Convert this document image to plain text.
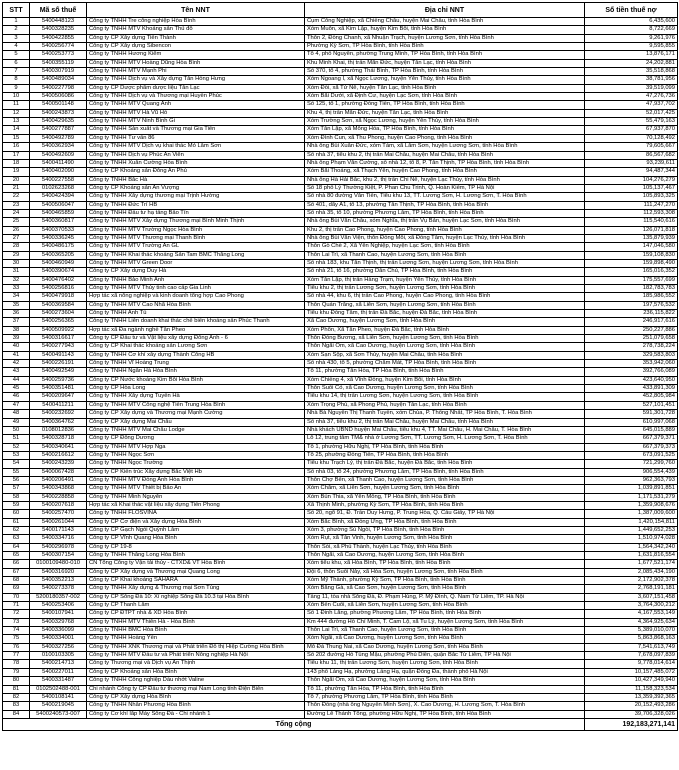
STT	Mã số thuế	Tên NNT	Địa chỉ NNT	Số tiền thuế nợ
1	5400448123	Công ty TNHH Tre công nghiệp Hòa Bình	Cụm Công Nghiệp, xã Chiềng Châu, huyện Mai Châu, tỉnh Hòa Bình	6,435,600
2	5400328235	Công ty TNHH MTV Khoáng sản Thủ đô	Xóm Muôn, xã Kim Lập, huyện Kim Bôi, tỉnh Hòa Bình	8,722,669
3	5400422855	Công ty CP Xây dựng Tiến Thành	Thôn 2, Đồng Chanh, xã Nhuận Trạch, huyện Lương Sơn, tỉnh Hòa Bình	9,261,976
4	5400256774	Công ty CP Xây dựng Sibencon	Phường Kỳ Sơn, TP Hòa Bình, tỉnh Hòa Bình	9,595,855
5	5400253773	Công ty TNHH Hương Kiểm	Tổ 4, phố Nguyễn, phường Trung Minh, TP Hòa Bình, tỉnh Hòa Bình	13,876,171
6	5400355119	Công ty TNHH MTV Hoàng Dũng Hòa Bình	Khu Minh Khai, thị trấn Mãn Đức, huyện Tân Lạc, tỉnh Hòa Bình	24,202,881
7	5400307919	Công ty TNHH MTV Mạnh Phi	Số 370, tổ 4, phường Thái Bình, TP Hòa Bình, tỉnh Hòa Bình	35,518,868
8	5400489034	Công ty TNHH Dịch vụ và Xây dựng Tân Hồng Hưng	Xóm Ngoang I, xã Ngọc Lương, huyện Yên Thủy, tỉnh Hòa Bình	38,781,956
9	5400227798	Công ty CP Dược phẩm dược liệu Tân Lạc	Xóm Đồi, xã Tử Nê, huyện Tân Lạc, tỉnh Hòa Bình	39,519,099
10	5400506086	Công ty TNHH Dịch vụ và Thương mại Huyền Phúc	Xóm Bãi Dưới, xã Định Cư, huyện Lạc Sơn, tỉnh Hòa Bình	47,276,736
11	5400501148	Công ty TNHH MTV Quang Anh	Số 125, tổ 1, phường Đồng Tiến, TP Hòa Bình, tỉnh Hòa Bình	47,937,702
12	5400243873	Công ty TNHH MTV Hà Vũ Hồ	Khu 4, thị trấn Mãn Đức, huyện Tân Lạc, tỉnh Hòa Bình	52,017,425
13	5400429635	Công ty TNHH MTV Ninh Bình Gi	Xóm Trường Sơn, xã Ngọc Lương, huyện Yên Thủy, tỉnh Hòa Bình	55,479,163
14	5400277887	Công ty TNHH Sản xuất và Thương mại Gia Tiến	Xóm Tân Lập, xã Mông Hóa, TP Hòa Bình, tỉnh Hòa Bình	67,937,870
15	5400492789	Công ty TNHH Tư vấn 86	Xóm Đình Cun, xã Thu Phong, huyện Cao Phong, tỉnh Hòa Bình	70,128,492
16	5400362934	Công ty TNHH MTV Dịch vụ khai thác Mỏ Lâm Sơn	Nhà ông Bùi Xuân Đức, xóm Tám, xã Lâm Sơn, huyện Lương Sơn, tỉnh Hòa Bình	79,605,667
17	5400492609	Công ty TNHH Dịch vụ Phúc An Viên	Số nhà 37, tiểu khu 2, thị trấn Mai Châu, huyện Mai Châu, tỉnh Hòa Bình	86,567,682
18	5400411490	Công ty TNHH Xuân Cường Hòa Bình	Nhà ông Phạm Văn Cường, số nhà 12, tổ 8, P. Tân Thịnh, TP Hòa Bình, tỉnh Hòa Bình	93,239,611
19	5400402090	Công ty CP Khoáng sản Đông An Phú	Xóm Bãi Thoáng, xã Thạch Yên, huyện Cao Phong, tỉnh Hòa Bình	94,487,344
20	5400227558	Công ty TNHH Bắc Hà	Nhà ông Hà Hải Bắc, khu 2, thị trấn Chi Nê, huyện Lạc Thủy, tỉnh Hòa Bình	104,276,279
21	0102623268	Công ty CP Khoáng sản An Vượng	Số 18 phố Lý Thường Kiệt, P. Phan Chu Trinh, Q. Hoàn Kiếm, TP Hà Nội	105,137,467
22	5400424394	Công ty TNHH Xây dựng thương mại Trịnh Hường	Số nhà 80 đường Văn Tiến, Tiểu khu 13, TT. Lương Sơn, H. Lương Sơn, T. Hòa Bình	105,893,325
23	5400506047	Công ty TNHH Đức Trí HB	Số 401, dãy A1, tổ 13, phường Tân Thịnh, TP Hòa Bình, tỉnh Hòa Bình	111,247,270
24	5400465859	Công ty TNHH Đầu tư hạ tầng Bảo Tín	Số nhà 35, tổ 10, phường Phương Lâm, TP Hòa Bình, tỉnh Hòa Bình	112,593,308
25	5400360817	Công ty TNHH MTV Xây dựng Thương mại Bình Minh Thịnh	Nhà ông Bùi Văn Châu, xóm Nghĩa, thị trấn Vụ Bản, huyện Lạc Sơn, tỉnh Hòa Bình	115,540,616
26	5400370533	Công ty TNHH MTV Trường Ngọc Hòa Bình	Khu 2, thị trấn Cao Phong, huyện Cao Phong, tỉnh Hòa Bình	126,071,818
27	5400336245	Công ty TNHH MTV Thương mại Thanh Bình	Nhà ông Bùi Văn Viện, thôn Đồng Môi, xã Đồng Tâm, huyện Lạc Thủy, tỉnh Hòa Bình	135,879,939
28	5400486175	Công ty TNHH MTV Trường An GL	Thôn Gò Chè 2, Xã Yên Nghiệp, huyện Lạc Sơn, tỉnh Hòa Bình	147,046,580
29	5400365205	Công ty TNHH Khai thác khoáng Sản Tam BMC Thăng Long	Thôn Lai Trì, xã Thanh Cao, huyện Lương Sơn, tỉnh Hòa Bình	159,108,830
30	5400460949	Công ty TNHH MTV Green Door	Số nhà 183, khu Tân Thịnh, thị trấn Lương Sơn, huyện Lương Sơn, tỉnh Hòa Bình	159,898,490
31	5400390674	Công ty CP Xây dựng Duy Hà	Số nhà 21, tổ 16, phường Dân Chủ, TP Hòa Bình, tỉnh Hòa Bình	165,016,352
32	5400476402	Công ty TNHH Bảo Minh Anh	Xóm Tân Lập, thị trấn Hàng Trạm, huyện Yên Thủy, tỉnh Hòa Bình	175,557,699
33	5400256816	Công ty TNHH MTV Thủy tinh cao cấp Gia Linh	Tiểu khu 2, thị trấn Lương Sơn, huyện Lương Sơn, tỉnh Hòa Bình	182,783,783
34	5400479918	Hợp tác xã nông nghiệp và kinh doanh tổng hợp Cao Phong	Số nhà 44, khu 6, thị trấn Cao Phong, huyện Cao Phong, tỉnh Hòa Bình	185,986,552
35	5400369584	Công ty TNHH MTV Cao Nhã Hòa Bình	Thôn Quán Trắng, xã Liên Sơn, huyện Lương Sơn, tỉnh Hòa Bình	197,576,532
36	5400273604	Công ty TNHH Anh Tú	Tiểu khu Đồng Tâm, thị trấn Đà Bắc, huyện Đà Bắc, tỉnh Hòa Bình	236,115,822
37	5400256365	Công ty TNHH Liên doanh khai thác chế biến khoáng sản Phúc Thanh	Xã Cao Dương, huyện Lương Sơn, tỉnh Hòa Bình	246,917,616
38	5400509922	Hợp tác xã Đa ngành nghề Tân Pheo	Xóm Phổn, Xã Tân Pheo, huyện Đà Bắc, tỉnh Hòa Bình	250,227,886
39	5400316617	Công ty CP Đầu tư và Vật liệu xây dựng Đông Anh - 6	Thôn Đồng Bương, xã Liên Sơn, huyện Lương Sơn, tỉnh Hòa Bình	251,079,658
40	5400277943	Công ty CP Khai thác khoáng sản Lương Sơn	Thôn Ngãi Om, xã Cao Dương, huyện Lương Sơn, tỉnh Hòa Bình	278,738,224
41	5400491143	Công ty TNHH Cơ khí xây dựng Thành Công HB	Xóm Sạn Sộp, xã Sơn Thủy, huyện Mai Châu, tỉnh Hòa Bình	329,583,803
42	5400226191	Công ty TNHH Vĩ Hoàng Trung	Số nhà 430, tổ 5, phường Chăm Mát, TP Hòa Bình, tỉnh Hòa Bình	353,942,060
43	5400492549	Công ty TNHH Ngân Hà Hòa Bình	Tổ 11, phường Tân Hòa, TP Hòa Bình, tỉnh Hòa Bình	392,766,089
44	5400259736	Công ty CP Nước khoáng Kim Bôi Hòa Bình	Xóm Chiềng 4, xã Vĩnh Đồng, huyện Kim Bôi, tỉnh Hòa Bình	423,640,950
45	5400351481	Công ty CP Hòa Long	Thôn Suối Cỏ, xã Cao Dương, huyện Lương Sơn, tỉnh Hòa Bình	433,891,309
46	5400209647	Công ty TNHH Xây dựng Tuyến Hà	Tiểu khu 14, thị trấn Lương Sơn, huyện Lương Sơn, tỉnh Hòa Bình	452,805,984
47	5400411211	Công ty TNHH MTV Công nghệ Tiến Trung Hòa Bình	Xóm Trọng Phú, xã Phong Phú, huyện Tân Lạc, tỉnh Hòa Bình	527,101,451
48	5400232692	Công ty CP Xây dựng và Thương mại Mạnh Cường	Nhà Bà Nguyễn Thị Thanh Tuyền, xóm Chùa, P. Thống Nhất, TP Hòa Bình, T. Hòa Bình	591,301,728
49	5400364762	Công ty CP Xây dựng Mai Châu	Số nhà 37, tiểu khu 2, thị trấn Mai Châu, huyện Mai Châu, tỉnh Hòa Bình	610,997,068
50	0108012836	Công ty TNHH MTV Mai Châu Lodge	Nhà khách UBND huyện Mai Châu, tiểu khu 4, TT. Mai Châu, H. Mai Châu, T. Hòa Bình	645,015,889
51	5400328718	Công ty CP Đông Dương	Lô 12, trung tâm TM& nhà ở Lương Sơn, TT. Lương Sơn, H. Lương Sơn, T. Hòa Bình	667,379,371
52	5400340641	Công ty TNHH MTV Hợp Nga	Tổ 1, phường Hữu Nghị, TP Hòa Bình, tỉnh Hòa Bình	667,379,373
53	5400216612	Công ty TNHH Ngọc Sơn	Tổ 25, phường Đồng Tiến, TP Hòa Bình, tỉnh Hòa Bình	673,091,525
54	5400243239	Công ty TNHH Ngọc Trường	Tiểu khu Trạch Lý, thị trấn Đà Bắc, huyện Đà Bắc, tỉnh Hòa Bình	721,299,760
55	5400067428	Công ty CP Kiến trúc Xây dựng Bắc Việt Hb	Số nhà 03, tổ 24, phường Phương Lâm, TP Hòa Bình, tỉnh Hòa Bình	906,554,439
56	5400206491	Công ty TNHH MTV Đồng Anh Hòa Bình	Thôn Chợ Bến, xã Thanh Cao, huyện Lương Sơn, tỉnh Hòa Bình	962,363,793
57	5400343868	Công ty TNHH MTV Thiết bị Bảo An	Xóm Chằm, xã Liên Sơn, huyện Lương Sơn, tỉnh Hòa Bình	1,039,891,851
58	5400228858	Công ty TNHH Minh Nguyên	Xóm Bún Thia, xã Yên Mông, TP Hòa Bình, tỉnh Hòa Bình	1,171,531,279
59	5400207618	Hợp tác xã Khai thác vật liệu xây dựng Tiến Phong	Xã Thịnh Minh, phường Kỳ Sơn, TP Hòa Bình, tỉnh Hòa Bình	1,359,908,676
60	5400257470	Công ty TNHH FLOSVINA	Số 20, ngõ 91, Đ. Trần Duy Hưng, P. Trung Hòa, Q. Cầu Giấy, TP Hà Nội	1,387,009,600
61	5400261044	Công ty CP Cơ điện và Xây dựng Hòa Bình	Xóm Bắc Bình, xã Đồng Ứng, TP Hòa Bình, tỉnh Hòa Bình	1,420,154,811
62	5400171143	Công ty CP Gạch Ngói Quỳnh Lâm	Xóm 3, phường Sủ Ngòi, TP Hòa Bình, tỉnh Hòa Bình	1,449,652,253
63	5400334716	Công ty CP Vĩnh Quang Hòa Bình	Xóm Rụt, xã Tân Vinh, huyện Lương Sơn, tỉnh Hòa Bình	1,510,974,028
64	5400296978	Công ty CP 19-8	Thôn Sòi, xã Phú Thành, huyện Lạc Thủy, tỉnh Hòa Bình	1,564,342,240
65	5400307154	Công ty TNHH Thăng Long Hòa Bình	Thôn Ngãi, xã Cao Dương, huyện Lương Sơn, tỉnh Hòa Bình	1,631,816,554
66	0100109480-010	CN Tổng Công ty Vận tải thủy - CTXD& VT Hòa Bình	Xóm tiểu khu, xã Hòa Bình, TP Hòa Bình, tỉnh Hòa Bình	1,677,521,174
67	5400316920	Công ty CP Xây dựng và Thương mại Quang Long	Đội 6, thôn Suối Nảy, xã Hòa Sơn, huyện Lương Sơn, tỉnh Hòa Bình	2,085,434,190
68	5400352213	Công ty CP Khai khoáng SAHARA	Xóm Mỹ Thành, phường Kỳ Sơn, TP Hòa Bình, tỉnh Hòa Bình	2,172,902,378
69	5400273378	Công ty TNHH Xây dựng & Thương mại Sơn Tùng	Xóm Bằng Gà, xã Cao Sơn, huyện Lương Sơn, tỉnh Hòa Bình	2,768,191,181
70	5200180357-002	Công ty CP Sông Đà 10: Xí nghiệp Sông Đà 10.3 tại Hòa Bình	Tầng 11, tòa nhà Sông Đà, Đ. Phạm Hùng, P. Mỹ Đình, Q. Nam Từ Liêm, TP. Hà Nội	3,607,151,458
71	5400253406	Công ty CP Thanh Lâm	Xóm Bến Cuối, xã Liên Sơn, huyện Lương Sơn, tỉnh Hòa Bình	3,764,300,212
72	5400107941	Công ty CP ĐTPT nhà & XD Hòa Bình	Số 1 Đinh Lăng, phường Phương Lâm, TP Hòa Bình, tỉnh Hòa Bình	4,167,553,149
73	5400329768	Công ty TNHH MTV Thiên Hà - Hòa Bình	Km 444 đường Hồ Chí Minh, T. Cam Lộ, xã Tu Lý, huyện Lương Sơn, tỉnh Hòa Bình	4,364,925,634
74	5400336099	Công ty TNHH BMC Hòa Bình	Thôn Lai Trì, xã Thanh Cao, huyện Lương Sơn, tỉnh Hòa Bình	5,389,010,070
75	5400334001	Công ty TNHH Hoàng Yến	Xóm Ngãi, xã Cao Dương, huyện Lương Sơn, tỉnh Hòa Bình	5,863,868,163
76	5400327256	Công ty TNHH XNK Thương mại và Phát triển Đô thị Hiệp Cường Hòa Bình	Mô Đá Thung Nai, xã Cao Dương, huyện Lương Sơn, tỉnh Hòa Bình	7,541,613,749
77	0100103305	Công ty TNHH MTV Đầu tư và Phát triển Nông nghiệp Hà Nội	Số 202 đường Hồ Tùng Mậu, phường Phú Diễn, quận Bắc Từ Liêm, TP Hà Nội	7,678,097,839
78	5400214713	Công ty Thương mại và Dịch vụ An Thịnh	Tiểu khu 11, thị trấn Lương Sơn, huyện Lương Sơn, tỉnh Hòa Bình	9,778,014,614
79	5400227011	Công ty CP Khoáng sản Hòa Bình	143 phố Láng Hạ, phường Láng Hạ, quận Đống Đa, thành phố Hà Nội	10,157,485,072
80	5400331487	Công ty TNHH Công nghiệp Dầu nhớt Valine	Thôn Ngãi Om, xã Cao Dương, huyện Lương Sơn, tỉnh Hòa Bình	10,427,349,940
81	0102502488-001	Chi nhánh Công ty CP Đầu tư thương mại Nam Long tỉnh Điện Biên	Tổ 11, phường Tân Hòa, TP Hòa Bình, tỉnh Hòa Bình	11,158,323,534
82	5400108141	Công ty CP Xây dựng Hòa Bình	Tổ 7, phường Phương Lâm, TP Hòa Bình, tỉnh Hòa Bình	13,359,392,365
83	5400219045	Công ty TNHH Nhân Phương Hòa Bình	Thôn Đồng (nhà ông Nguyễn Minh Sơn), X. Cao Dương, H. Lương Sơn, T. Hòa Bình	20,152,493,286
84	5400240573-007	Công ty Cơ khí lắp Máy Sông Đà - Chi nhánh 1	Đường Lê Thánh Tông, phường Hữu Nghị, TP Hòa Bình, tỉnh Hòa Bình	39,706,328,026
Tổng cộng				192,183,271,141
